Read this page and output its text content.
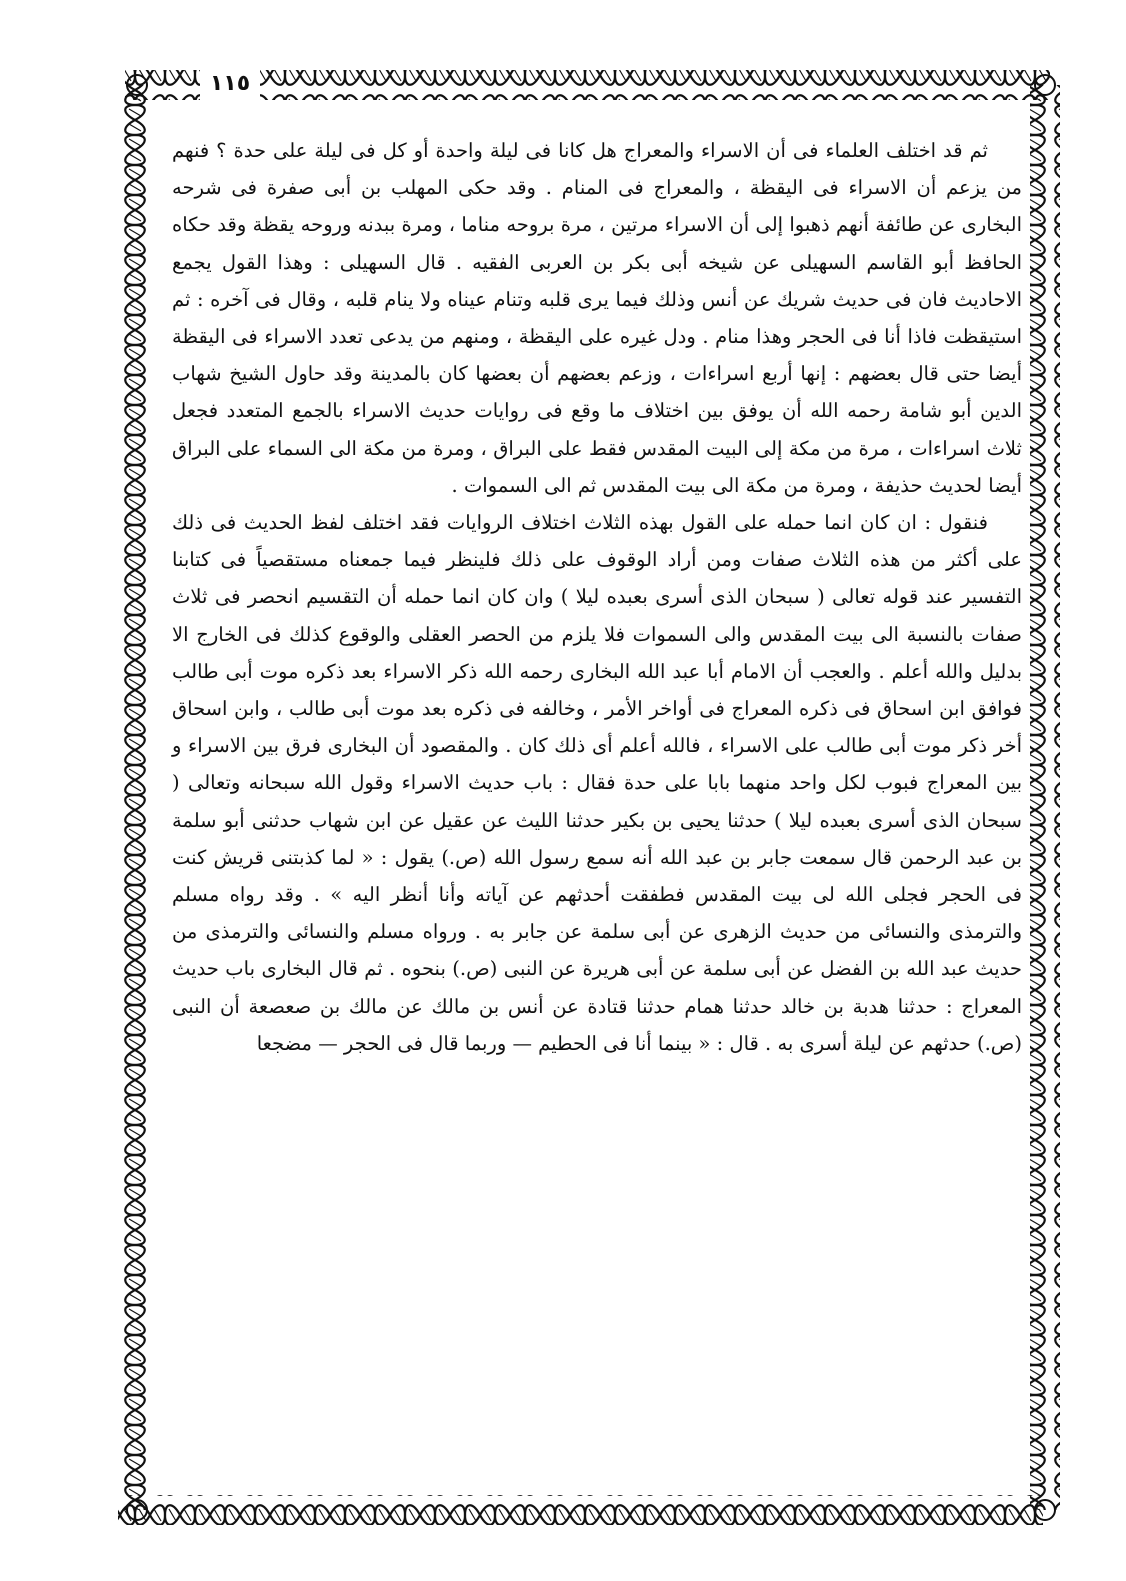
١١٥

ثم قد اختلف العلماء فى أن الاسراء والمعراج هل كانا فى ليلة واحدة أو كل فى ليلة على حدة ؟ فنهم من يزعم أن الاسراء فى اليقظة ، والمعراج فى المنام . وقد حكى المهلب بن أبى صفرة فى شرحه البخارى عن طائفة أنهم ذهبوا إلى أن الاسراء مرتين ، مرة بروحه مناما ، ومرة ببدنه وروحه يقظة وقد حكاه الحافظ أبو القاسم السهيلى عن شيخه أبى بكر بن العربى الفقيه . قال السهيلى : وهذا القول يجمع الاحاديث فان فى حديث شريك عن أنس وذلك فيما يرى قلبه وتنام عيناه ولا ينام قلبه ، وقال فى آخره : ثم استيقظت فاذا أنا فى الحجر وهذا منام . ودل غيره على اليقظة ، ومنهم من يدعى تعدد الاسراء فى اليقظة أيضا حتى قال بعضهم : إنها أربع اسراءات ، وزعم بعضهم أن بعضها كان بالمدينة وقد حاول الشيخ شهاب الدين أبو شامة رحمه الله أن يوفق بين اختلاف ما وقع فى روايات حديث الاسراء بالجمع المتعدد فجعل ثلاث اسراءات ، مرة من مكة إلى البيت المقدس فقط على البراق ، ومرة من مكة الى السماء على البراق أيضا لحديث حذيفة ، ومرة من مكة الى بيت المقدس ثم الى السموات .

فنقول : ان كان انما حمله على القول بهذه الثلاث اختلاف الروايات فقد اختلف لفظ الحديث فى ذلك على أكثر من هذه الثلاث صفات ومن أراد الوقوف على ذلك فلينظر فيما جمعناه مستقصياً فى كتابنا التفسير عند قوله تعالى ( سبحان الذى أسرى بعبده ليلا ) وان كان انما حمله أن التقسيم انحصر فى ثلاث صفات بالنسبة الى بيت المقدس والى السموات فلا يلزم من الحصر العقلى والوقوع كذلك فى الخارج الا بدليل والله أعلم . والعجب أن الامام أبا عبد الله البخارى رحمه الله ذكر الاسراء بعد ذكره موت أبى طالب فوافق ابن اسحاق فى ذكره المعراج فى أواخر الأمر ، وخالفه فى ذكره بعد موت أبى طالب ، وابن اسحاق أخر ذكر موت أبى طالب على الاسراء ، فالله أعلم أى ذلك كان . والمقصود أن البخارى فرق بين الاسراء و بين المعراج فبوب لكل واحد منهما بابا على حدة فقال : باب حديث الاسراء وقول الله سبحانه وتعالى ( سبحان الذى أسرى بعبده ليلا ) حدثنا يحيى بن بكير حدثنا الليث عن عقيل عن ابن شهاب حدثنى أبو سلمة بن عبد الرحمن قال سمعت جابر بن عبد الله أنه سمع رسول الله (ص.) يقول : « لما كذبتنى قريش كنت فى الحجر فجلى الله لى بيت المقدس فطفقت أحدثهم عن آياته وأنا أنظر اليه » . وقد رواه مسلم والترمذى والنسائى من حديث الزهرى عن أبى سلمة عن جابر به . ورواه مسلم والنسائى والترمذى من حديث عبد الله بن الفضل عن أبى سلمة عن أبى هريرة عن النبى (ص.) بنحوه . ثم قال البخارى باب حديث المعراج : حدثنا هدبة بن خالد حدثنا همام حدثنا قتادة عن أنس بن مالك عن مالك بن صعصعة أن النبى (ص.) حدثهم عن ليلة أسرى به . قال : « بينما أنا فى الحطيم — وربما قال فى الحجر — مضجعا
